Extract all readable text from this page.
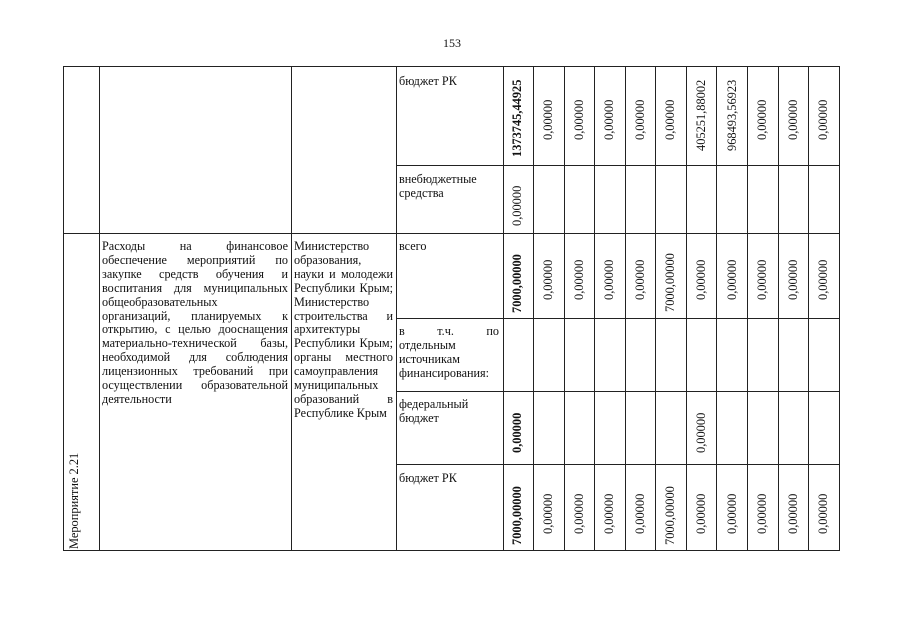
153
бюджет РК
внебюджетные средства
1373745,44925 0,00000 0,00000 0,00000 0,00000 0,00000 405251,88002 968493,56923 0,00000 0,00000 0,00000
0,00000
Мероприятие 2.21
Расходы на финансовое обеспечение мероприятий по закупке средств обучения и воспитания для муниципальных общеобразовательных организаций, планируемых к открытию, с целью дооснащения материально-технической базы, необходимой для соблюдения лицензионных требований при осуществлении образовательной деятельности
Министерство образования, науки и молодежи Республики Крым; Министерство строительства и архитектуры Республики Крым; органы местного самоуправления муниципальных образований в Республике Крым
всего
в т.ч. по отдельным источникам финансирования:
федеральный бюджет
бюджет РК
7000,00000 0,00000 0,00000 0,00000 0,00000 7000,00000 0,00000 0,00000 0,00000 0,00000 0,00000
0,00000	0,00000
7000,00000 0,00000 0,00000 0,00000 0,00000 7000,00000 0,00000 0,00000 0,00000 0,00000 0,00000
